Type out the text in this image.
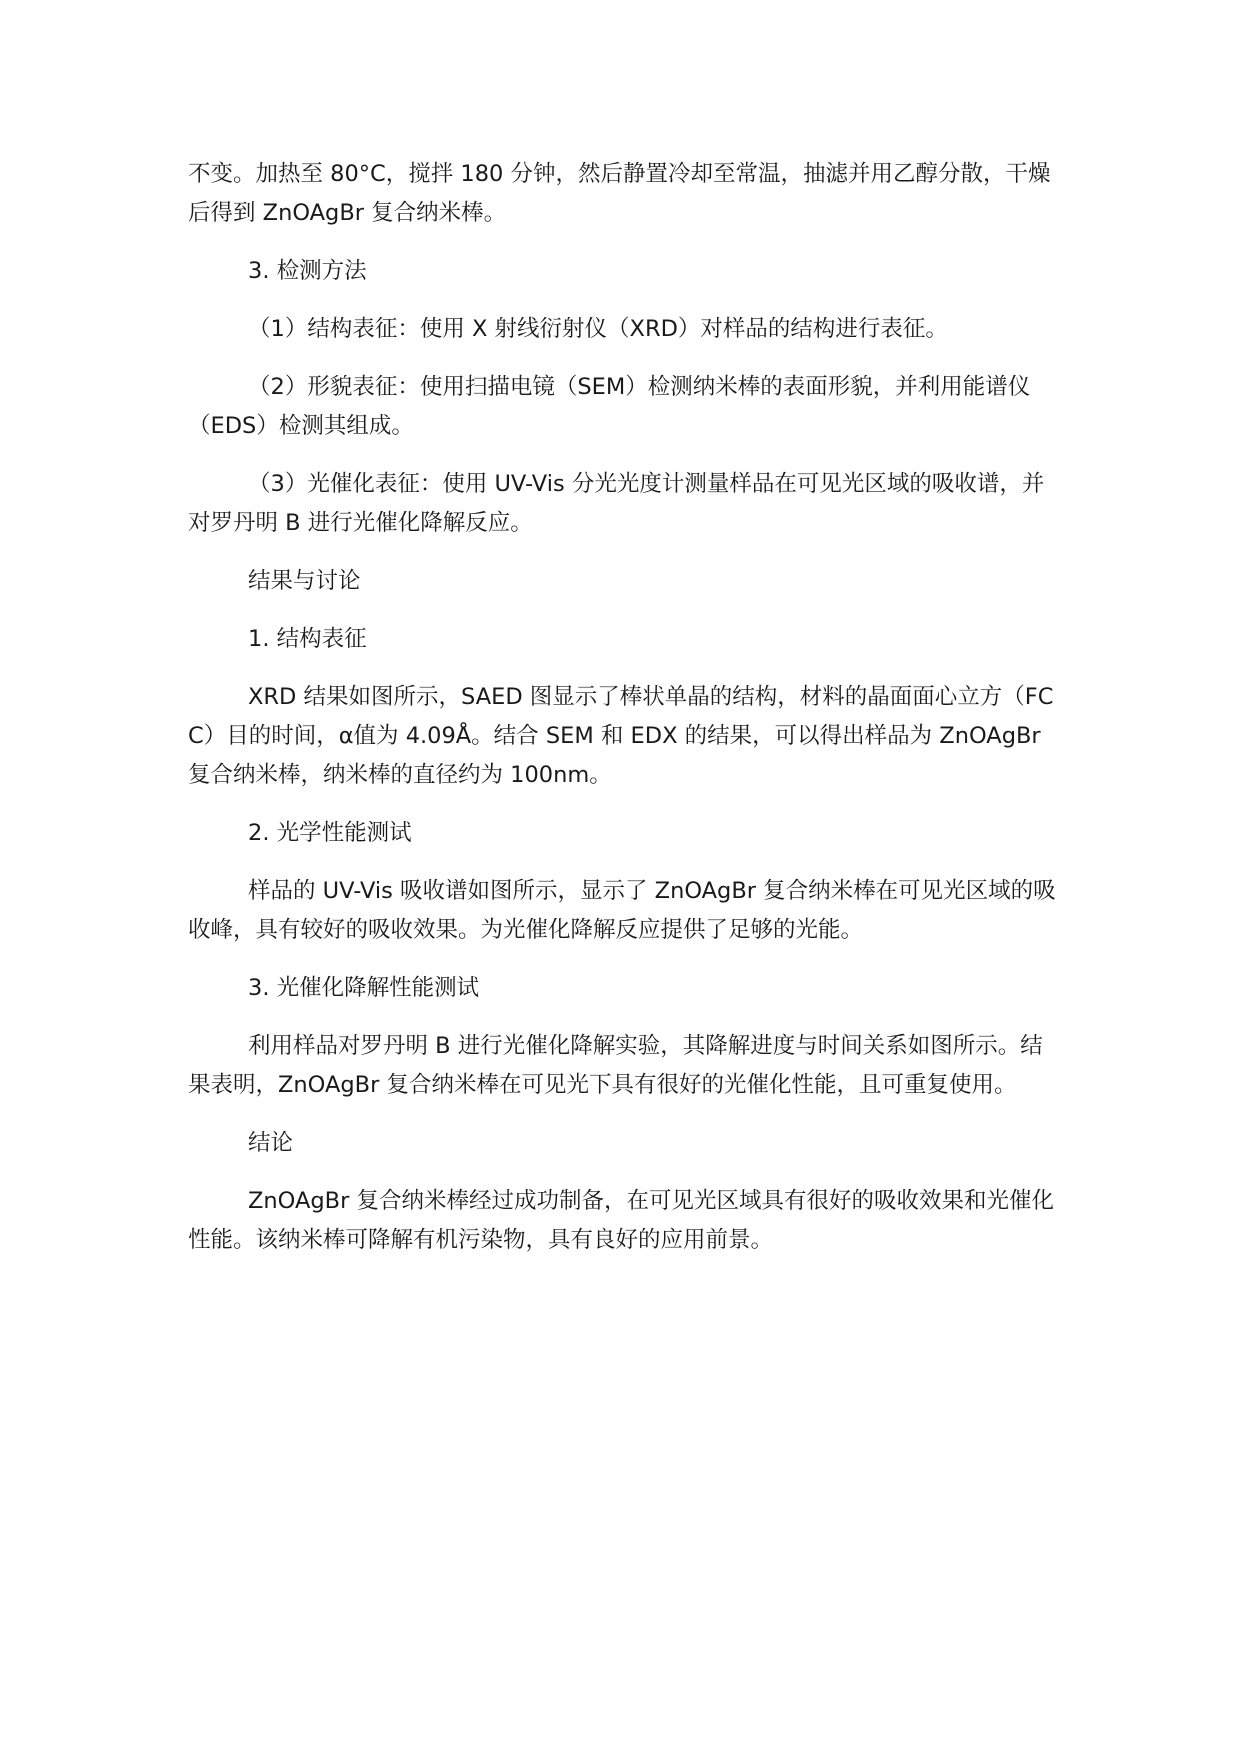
不变。加热至 80°C，搅拌 180 分钟，然后静置冷却至常温，抽滤并用乙醇分散，干燥后得到 ZnOAgBr 复合纳米棒。

3. 检测方法

（1）结构表征：使用 X 射线衍射仪（XRD）对样品的结构进行表征。

（2）形貌表征：使用扫描电镜（SEM）检测纳米棒的表面形貌，并利用能谱仪（EDS）检测其组成。

（3）光催化表征：使用 UV-Vis 分光光度计测量样品在可见光区域的吸收谱，并对罗丹明 B 进行光催化降解反应。

结果与讨论

1. 结构表征

XRD 结果如图所示，SAED 图显示了棒状单晶的结构，材料的晶面面心立方（FCC）目的时间，α值为 4.09Å。结合 SEM 和 EDX 的结果，可以得出样品为 ZnOAgBr 复合纳米棒，纳米棒的直径约为 100nm。

2. 光学性能测试

样品的 UV-Vis 吸收谱如图所示，显示了 ZnOAgBr 复合纳米棒在可见光区域的吸收峰，具有较好的吸收效果。为光催化降解反应提供了足够的光能。

3. 光催化降解性能测试

利用样品对罗丹明 B 进行光催化降解实验，其降解进度与时间关系如图所示。结果表明，ZnOAgBr 复合纳米棒在可见光下具有很好的光催化性能，且可重复使用。

结论

ZnOAgBr 复合纳米棒经过成功制备，在可见光区域具有很好的吸收效果和光催化性能。该纳米棒可降解有机污染物，具有良好的应用前景。
